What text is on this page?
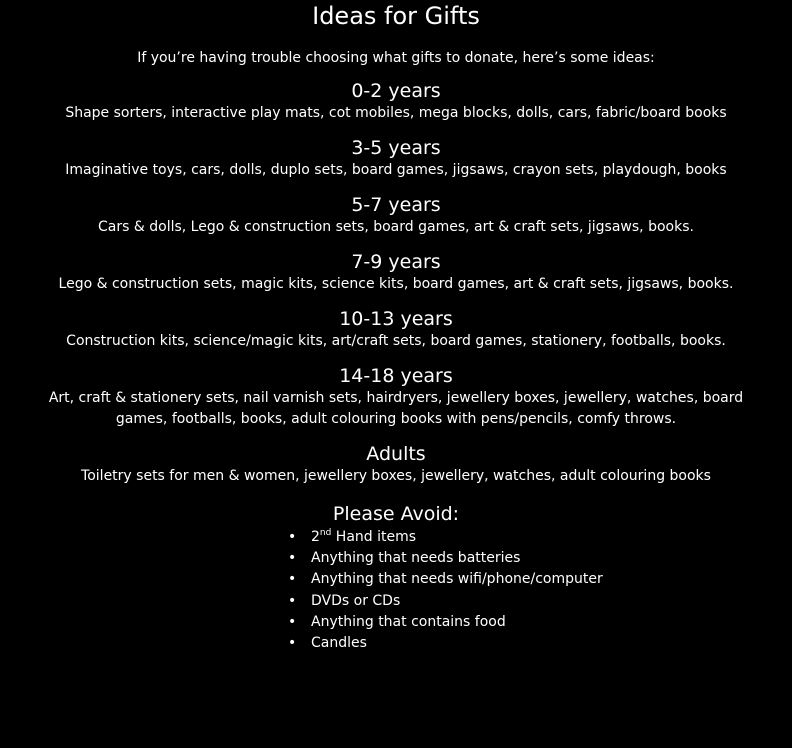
Ideas for Gifts

If you’re having trouble choosing what gifts to donate, here’s some ideas:

0-2 years

Shape sorters, interactive play mats, cot mobiles, mega blocks, dolls, cars, fabric/board books

3-5 years

Imaginative toys, cars, dolls, duplo sets, board games, jigsaws, crayon sets, playdough, books

5-7 years

Cars & dolls, Lego & construction sets, board games, art & craft sets, jigsaws, books.

7-9 years

Lego & construction sets, magic kits, science kits, board games, art & craft sets, jigsaws, books.

10-13 years

Construction kits, science/magic kits, art/craft sets, board games, stationery, footballs, books.

14-18 years

Art, craft & stationery sets, nail varnish sets, hairdryers, jewellery boxes, jewellery, watches, board games, footballs, books, adult colouring books with pens/pencils, comfy throws.

Adults

Toiletry sets for men & women, jewellery boxes, jewellery, watches, adult colouring books

Please Avoid:
• 2nd Hand items
• Anything that needs batteries
• Anything that needs wifi/phone/computer
• DVDs or CDs
• Anything that contains food
• Candles
